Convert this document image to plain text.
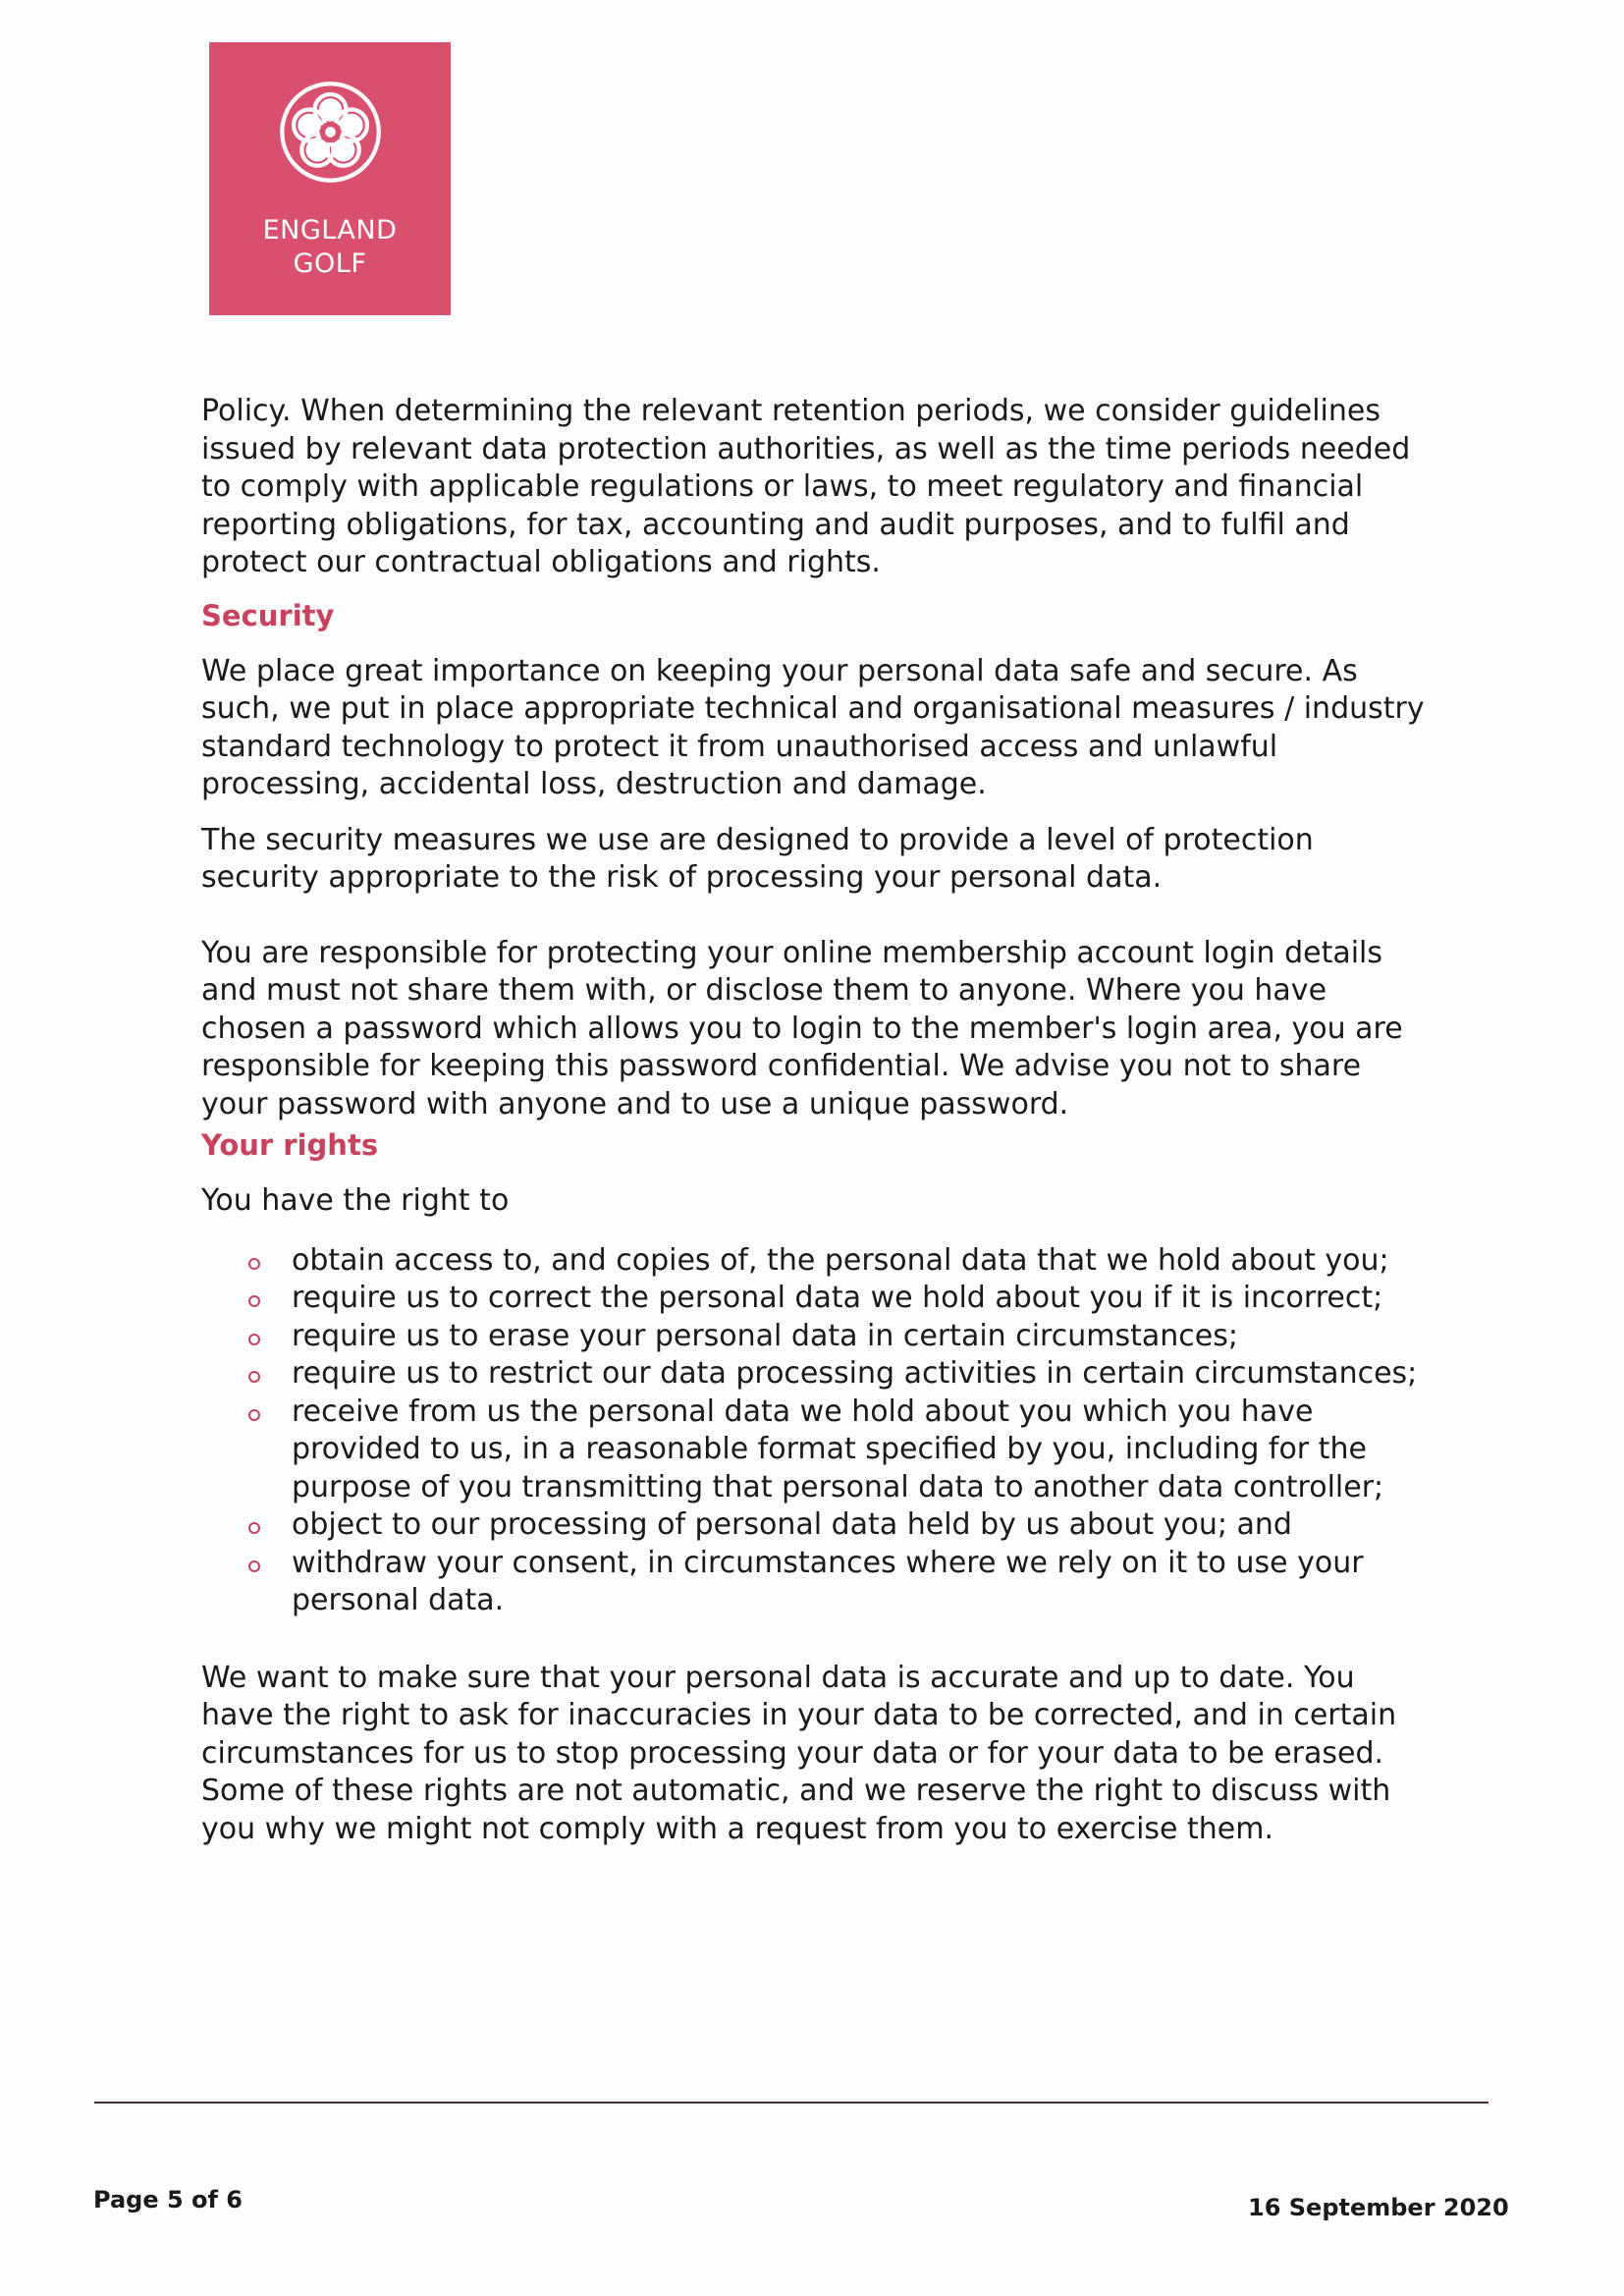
ENGLAND
GOLF

Policy. When determining the relevant retention periods, we consider guidelines issued by relevant data protection authorities, as well as the time periods needed to comply with applicable regulations or laws, to meet regulatory and financial reporting obligations, for tax, accounting and audit purposes, and to fulfil and protect our contractual obligations and rights.

Security

We place great importance on keeping your personal data safe and secure. As such, we put in place appropriate technical and organisational measures / industry standard technology to protect it from unauthorised access and unlawful processing, accidental loss, destruction and damage.

The security measures we use are designed to provide a level of protection security appropriate to the risk of processing your personal data.

You are responsible for protecting your online membership account login details and must not share them with, or disclose them to anyone. Where you have chosen a password which allows you to login to the member's login area, you are responsible for keeping this password confidential. We advise you not to share your password with anyone and to use a unique password.

Your rights

You have the right to

obtain access to, and copies of, the personal data that we hold about you;
require us to correct the personal data we hold about you if it is incorrect;
require us to erase your personal data in certain circumstances;
require us to restrict our data processing activities in certain circumstances;
receive from us the personal data we hold about you which you have provided to us, in a reasonable format specified by you, including for the purpose of you transmitting that personal data to another data controller;
object to our processing of personal data held by us about you; and
withdraw your consent, in circumstances where we rely on it to use your personal data.

We want to make sure that your personal data is accurate and up to date. You have the right to ask for inaccuracies in your data to be corrected, and in certain circumstances for us to stop processing your data or for your data to be erased. Some of these rights are not automatic, and we reserve the right to discuss with you why we might not comply with a request from you to exercise them.

Page 5 of 6	16 September 2020
